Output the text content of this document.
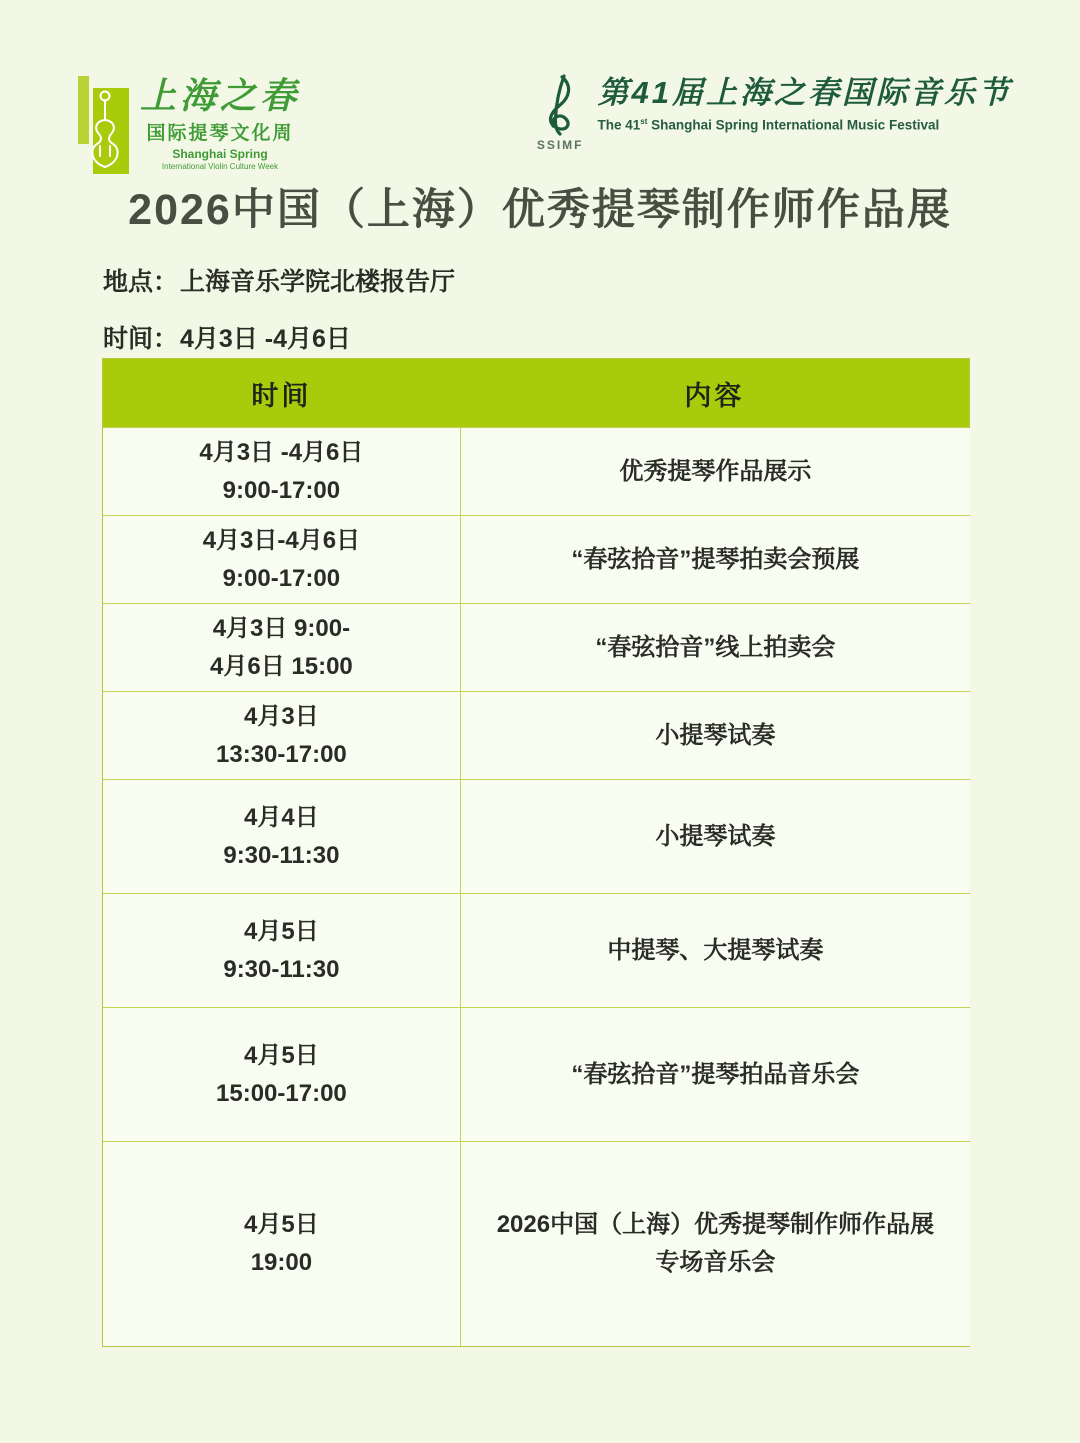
上海之春
国际提琴文化周
Shanghai Spring
International Violin Culture Week
SSIMF
第41届上海之春国际音乐节
The 41st Shanghai Spring International Music Festival
2026中国（上海）优秀提琴制作师作品展
地点： 上海音乐学院北楼报告厅
时间： 4月3日 -4月6日
时间	内容
4月3日 -4月6日
9:00-17:00
优秀提琴作品展示
4月3日-4月6日
9:00-17:00
“春弦拾音”提琴拍卖会预展
4月3日 9:00-
4月6日 15:00
“春弦拾音”线上拍卖会
4月3日
13:30-17:00
小提琴试奏
4月4日
9:30-11:30
小提琴试奏
4月5日
9:30-11:30
中提琴、大提琴试奏
4月5日
15:00-17:00
“春弦拾音”提琴拍品音乐会
4月5日
19:00
2026中国（上海）优秀提琴制作师作品展
专场音乐会
